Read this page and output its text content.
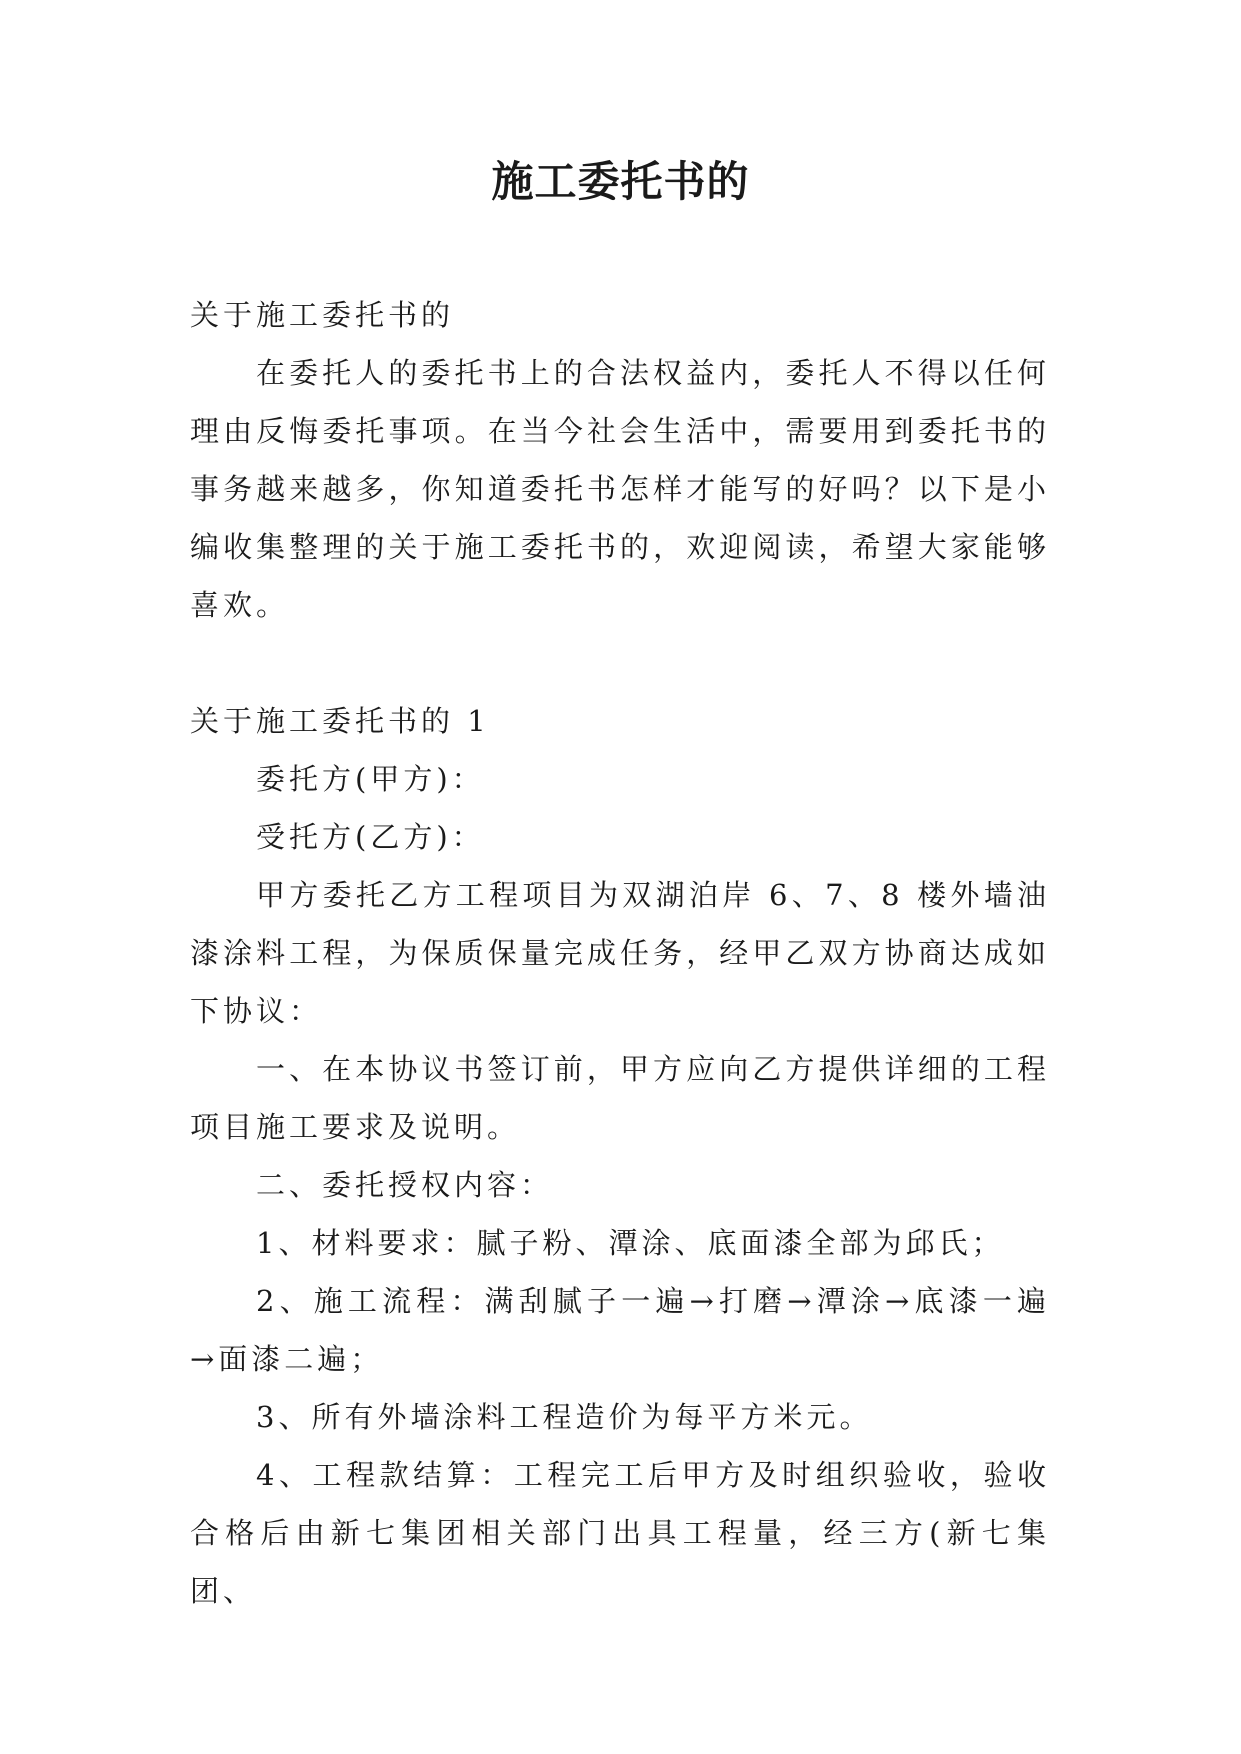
施工委托书的

关于施工委托书的

在委托人的委托书上的合法权益内，委托人不得以任何理由反悔委托事项。在当今社会生活中，需要用到委托书的事务越来越多，你知道委托书怎样才能写的好吗？以下是小编收集整理的关于施工委托书的，欢迎阅读，希望大家能够喜欢。

关于施工委托书的 1

委托方(甲方)：

受托方(乙方)：

甲方委托乙方工程项目为双湖泊岸 6、7、8 楼外墙油漆涂料工程，为保质保量完成任务，经甲乙双方协商达成如下协议：

一、在本协议书签订前，甲方应向乙方提供详细的工程项目施工要求及说明。

二、委托授权内容：

1、材料要求：腻子粉、潭涂、底面漆全部为邱氏；

2、施工流程：满刮腻子一遍→打磨→潭涂→底漆一遍→面漆二遍；

3、所有外墙涂料工程造价为每平方米元。

4、工程款结算：工程完工后甲方及时组织验收，验收合格后由新七集团相关部门出具工程量，经三方(新七集团、
